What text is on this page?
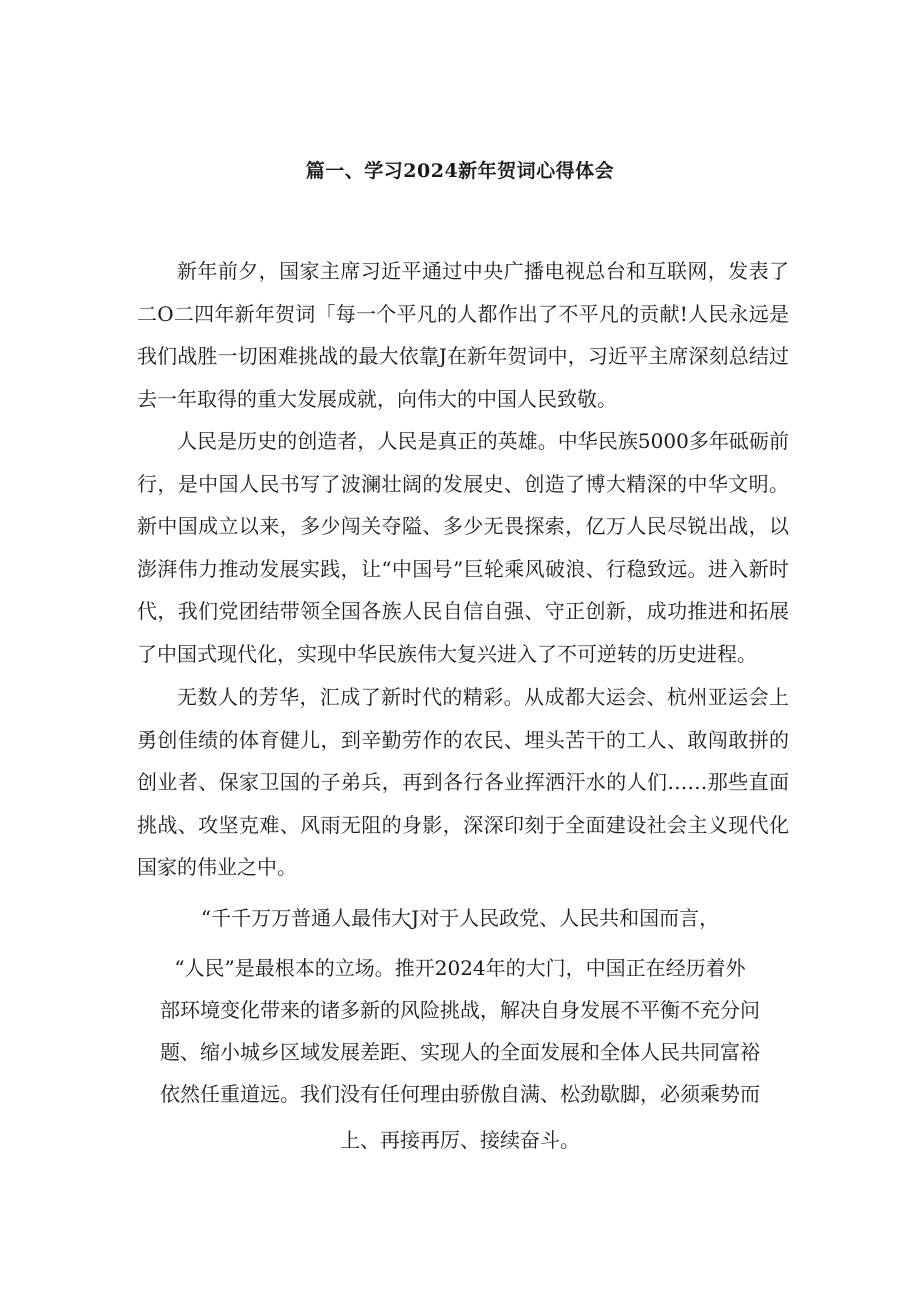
篇一、学习2024新年贺词心得体会

新年前夕，国家主席习近平通过中央广播电视总台和互联网，发表了二O二四年新年贺词「每一个平凡的人都作出了不平凡的贡献!人民永远是我们战胜一切困难挑战的最大依靠J在新年贺词中，习近平主席深刻总结过去一年取得的重大发展成就，向伟大的中国人民致敬。

人民是历史的创造者，人民是真正的英雄。中华民族5000多年砥砺前行，是中国人民书写了波澜壮阔的发展史、创造了博大精深的中华文明。新中国成立以来，多少闯关夺隘、多少无畏探索，亿万人民尽锐出战，以澎湃伟力推动发展实践，让“中国号”巨轮乘风破浪、行稳致远。进入新时代，我们党团结带领全国各族人民自信自强、守正创新，成功推进和拓展了中国式现代化，实现中华民族伟大复兴进入了不可逆转的历史进程。

无数人的芳华，汇成了新时代的精彩。从成都大运会、杭州亚运会上勇创佳绩的体育健儿，到辛勤劳作的农民、埋头苦干的工人、敢闯敢拼的创业者、保家卫国的子弟兵，再到各行各业挥洒汗水的人们……那些直面挑战、攻坚克难、风雨无阻的身影，深深印刻于全面建设社会主义现代化国家的伟业之中。

“千千万万普通人最伟大J对于人民政党、人民共和国而言，

“人民”是最根本的立场。推开2024年的大门，中国正在经历着外

部环境变化带来的诸多新的风险挑战，解决自身发展不平衡不充分问

题、缩小城乡区域发展差距、实现人的全面发展和全体人民共同富裕

依然任重道远。我们没有任何理由骄傲自满、松劲歇脚，必须乘势而

上、再接再厉、接续奋斗。
